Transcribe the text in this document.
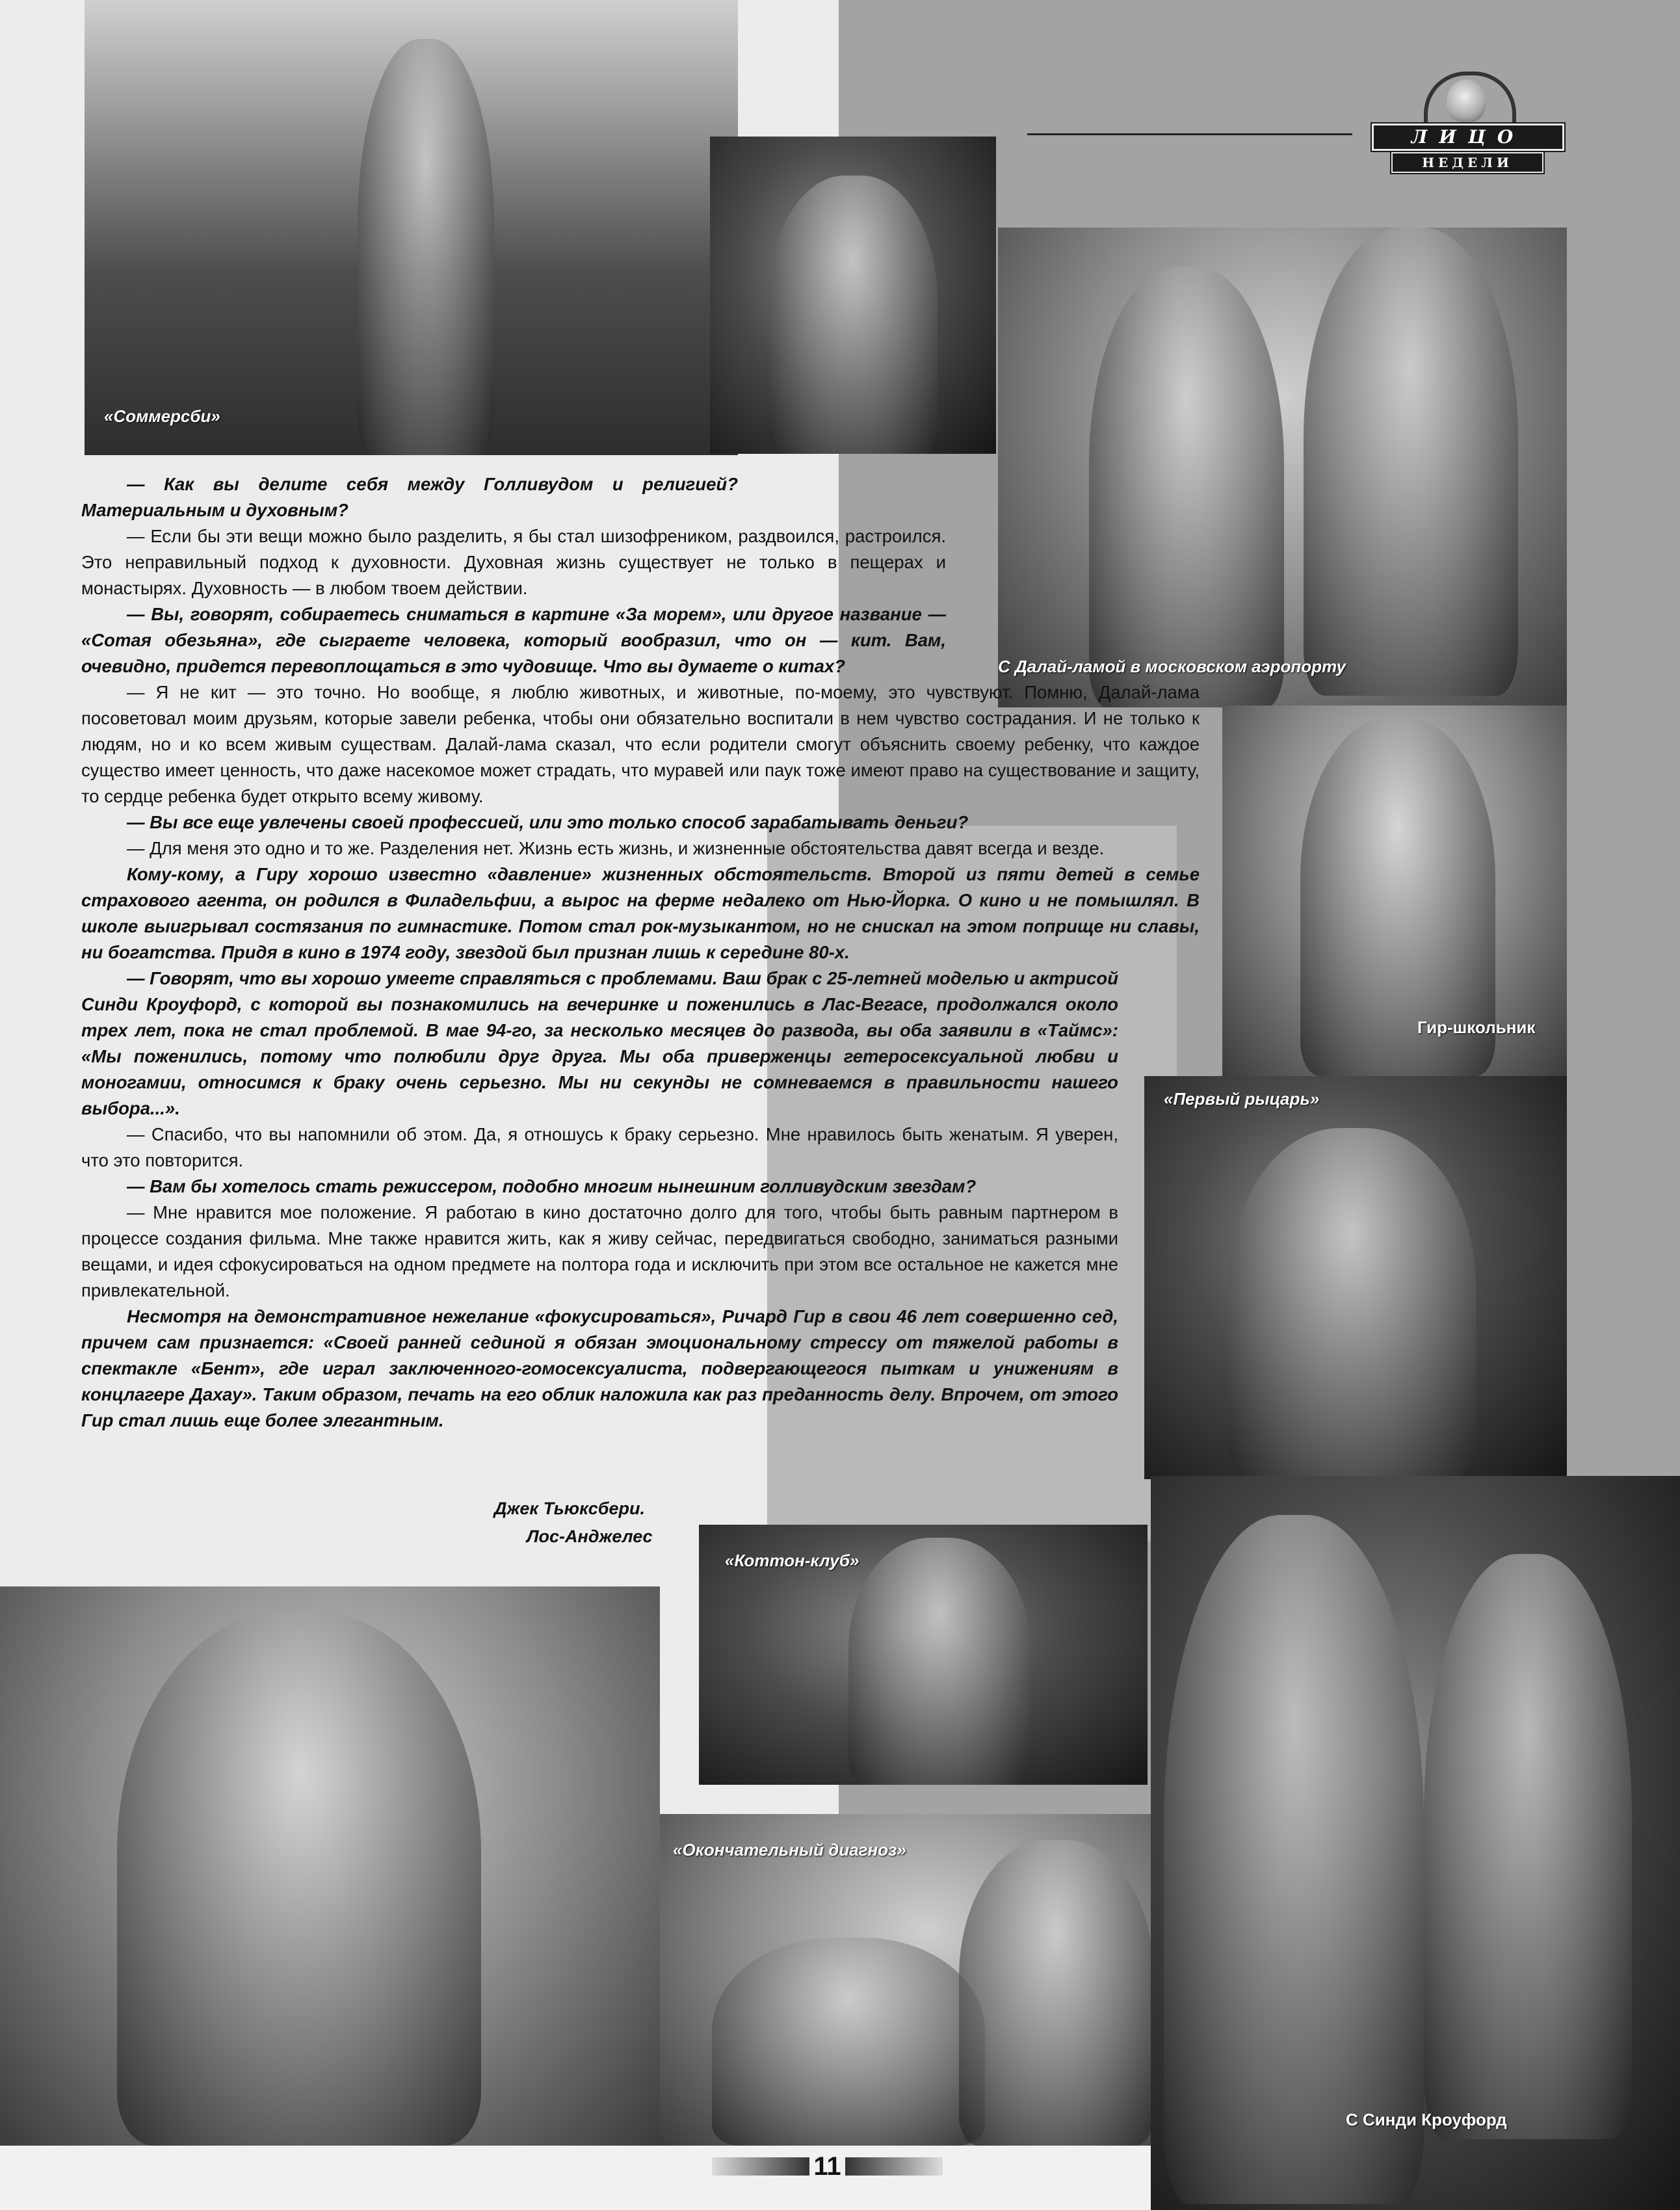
«Соммерсби»
С Далай-ламой в московском аэропорту
Гир-школьник
«Первый рыцарь»
«Коттон-клуб»
«Окончательный диагноз»
С Синди Кроуфорд
ЛИЦО
НЕДЕЛИ

— Как вы делите себя между Голливудом и религией? Материальным и духовным?

— Если бы эти вещи можно было разделить, я бы стал шизофреником, раздвоился, растроился. Это неправильный подход к духовности. Духовная жизнь существует не только в пещерах и монастырях. Духовность — в любом твоем действии.

— Вы, говорят, собираетесь сниматься в картине «За морем», или другое название — «Сотая обезьяна», где сыграете человека, который вообразил, что он — кит. Вам, очевидно, придется перевоплощаться в это чудовище. Что вы думаете о китах?

— Я не кит — это точно. Но вообще, я люблю животных, и животные, по-моему, это чувствуют. Помню, Далай-лама посоветовал моим друзьям, которые завели ребенка, чтобы они обязательно воспитали в нем чувство сострадания. И не только к людям, но и ко всем живым существам. Далай-лама сказал, что если родители смогут объяснить своему ребенку, что каждое существо имеет ценность, что даже насекомое может страдать, что муравей или паук тоже имеют право на существование и защиту, то сердце ребенка будет открыто всему живому.

— Вы все еще увлечены своей профессией, или это только способ зарабатывать деньги?

— Для меня это одно и то же. Разделения нет. Жизнь есть жизнь, и жизненные обстоятельства давят всегда и везде.

Кому-кому, а Гиру хорошо известно «давление» жизненных обстоятельств. Второй из пяти детей в семье страхового агента, он родился в Филадельфии, а вырос на ферме недалеко от Нью-Йорка. О кино и не помышлял. В школе выигрывал состязания по гимнастике. Потом стал рок-музыкантом, но не снискал на этом поприще ни славы, ни богатства. Придя в кино в 1974 году, звездой был признан лишь к середине 80-х.

— Говорят, что вы хорошо умеете справляться с проблемами. Ваш брак с 25-летней моделью и актрисой Синди Кроуфорд, с которой вы познакомились на вечеринке и поженились в Лас-Вегасе, продолжался около трех лет, пока не стал проблемой. В мае 94-го, за несколько месяцев до развода, вы оба заявили в «Таймс»: «Мы поженились, потому что полюбили друг друга. Мы оба приверженцы гетеросексуальной любви и моногамии, относимся к браку очень серьезно. Мы ни секунды не сомневаемся в правильности нашего выбора...».

— Спасибо, что вы напомнили об этом. Да, я отношусь к браку серьезно. Мне нравилось быть женатым. Я уверен, что это повторится.

— Вам бы хотелось стать режиссером, подобно многим нынешним голливудским звездам?

— Мне нравится мое положение. Я работаю в кино достаточно долго для того, чтобы быть равным партнером в процессе создания фильма. Мне также нравится жить, как я живу сейчас, передвигаться свободно, заниматься разными вещами, и идея сфокусироваться на одном предмете на полтора года и исключить при этом все остальное не кажется мне привлекательной.

Несмотря на демонстративное нежелание «фокусироваться», Ричард Гир в свои 46 лет совершенно сед, причем сам признается: «Своей ранней сединой я обязан эмоциональному стрессу от тяжелой работы в спектакле «Бент», где играл заключенного-гомосексуалиста, подвергающегося пыткам и унижениям в концлагере Дахау». Таким образом, печать на его облик наложила как раз преданность делу. Впрочем, от этого Гир стал лишь еще более элегантным.

Джек Тьюксбери.
Лос-Анджелес
11
